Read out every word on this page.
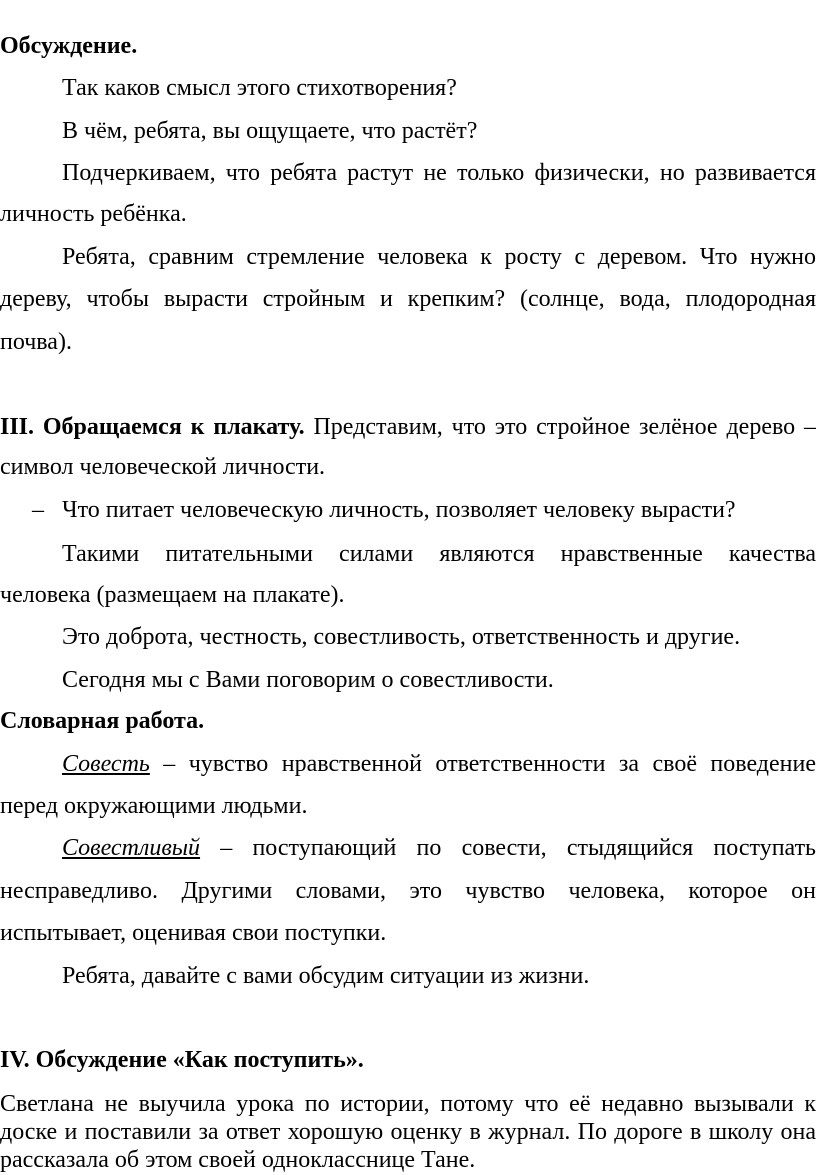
Обсуждение.
Так каков смысл этого стихотворения?
В чём, ребята, вы ощущаете, что растёт?
Подчеркиваем, что ребята растут не только физически, но развивается
личность ребёнка.
Ребята, сравним стремление человека к росту с деревом. Что нужно
дереву, чтобы вырасти стройным и крепким? (солнце, вода, плодородная
почва).
III. Обращаемся к плакату. Представим, что это стройное зелёное дерево –
символ человеческой личности.
– Что питает человеческую личность, позволяет человеку вырасти?
Такими питательными силами являются нравственные качества
человека (размещаем на плакате).
Это доброта, честность, совестливость, ответственность и другие.
Сегодня мы с Вами поговорим о совестливости.
Словарная работа.
Совесть – чувство нравственной ответственности за своё поведение
перед окружающими людьми.
Совестливый – поступающий по совести, стыдящийся поступать
несправедливо. Другими словами, это чувство человека, которое он
испытывает, оценивая свои поступки.
Ребята, давайте с вами обсудим ситуации из жизни.
IV. Обсуждение «Как поступить».
Светлана не выучила урока по истории, потому что её недавно вызывали к
доске и поставили за ответ хорошую оценку в журнал. По дороге в школу она
рассказала об этом своей однокласснице Тане.
